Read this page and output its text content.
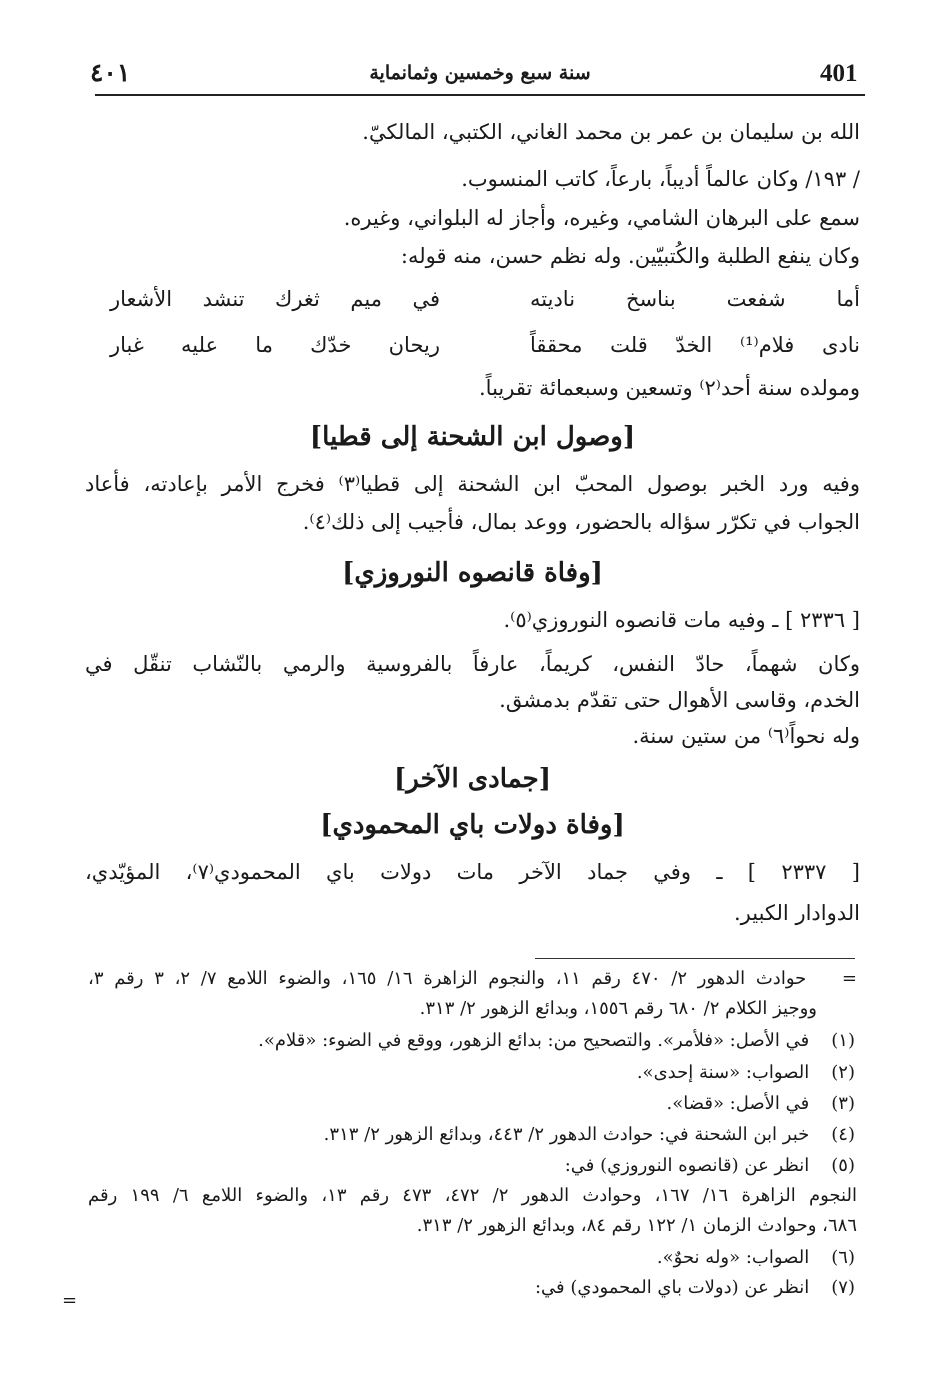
٤٠١	سنة سبع وخمسين وثمانماية	401
الله بن سليمان بن عمر بن محمد الغاني، الكتبي، المالكيّ.
/ ١٩٣/ وكان عالماً أديباً، بارعاً، كاتب المنسوب.
سمع على البرهان الشامي، وغيره، وأجاز له البلواني، وغيره.
وكان ينفع الطلبة والكُتبيّين. وله نظم حسن، منه قوله:
أما شفعت بناسخ ناديته
في ميم ثغرك تنشد الأشعار
نادى فلام⁽¹⁾ الخدّ قلت محققاً
ريحان خدّك ما عليه غبار
ومولده سنة أحد⁽٢⁾ وتسعين وسبعمائة تقريباً.
[وصول ابن الشحنة إلى قطيا]
وفيه ورد الخبر بوصول المحبّ ابن الشحنة إلى قطيا⁽٣⁾ فخرج الأمر بإعادته، فأعاد
الجواب في تكرّر سؤاله بالحضور، ووعد بمال، فأجيب إلى ذلك⁽٤⁾.
[وفاة قانصوه النوروزي]
[ ٢٣٣٦ ] ـ وفيه مات قانصوه النوروزي⁽٥⁾.
وكان شهماً، حادّ النفس، كريماً، عارفاً بالفروسية والرمي بالنّشاب تنقّل في
الخدم، وقاسى الأهوال حتى تقدّم بدمشق.
وله نحواً⁽٦⁾ من ستين سنة.
[جمادى الآخر]
[وفاة دولات باي المحمودي]
[ ٢٣٣٧ ] ـ وفي جماد الآخر مات دولات باي المحمودي⁽٧⁾، المؤيّدي،
الدوادار الكبير.
= حوادث الدهور ٢/ ٤٧٠ رقم ١١، والنجوم الزاهرة ١٦/ ١٦٥، والضوء اللامع ٧/ ٢، ٣ رقم ٣،
ووجيز الكلام ٢/ ٦٨٠ رقم ١٥٥٦، وبدائع الزهور ٢/ ٣١٣.
(١) في الأصل: «فلأمر». والتصحيح من: بدائع الزهور، ووقع في الضوء: «قلام».
(٢) الصواب: «سنة إحدى».
(٣) في الأصل: «قضا».
(٤) خبر ابن الشحنة في: حوادث الدهور ٢/ ٤٤٣، وبدائع الزهور ٢/ ٣١٣.
(٥) انظر عن (قانصوه النوروزي) في:
النجوم الزاهرة ١٦/ ١٦٧، وحوادث الدهور ٢/ ٤٧٢، ٤٧٣ رقم ١٣، والضوء اللامع ٦/ ١٩٩ رقم
٦٨٦، وحوادث الزمان ١/ ١٢٢ رقم ٨٤، وبدائع الزهور ٢/ ٣١٣.
(٦) الصواب: «وله نحوٌ».
(٧) انظر عن (دولات باي المحمودي) في:
=
